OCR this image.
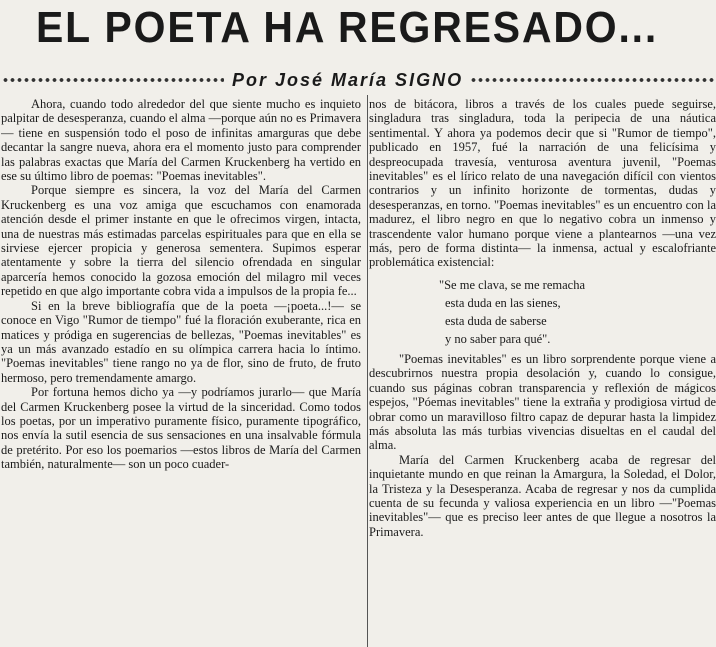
EL POETA HA REGRESADO...
Por José María SIGNO

Ahora, cuando todo alrededor del que siente mucho es inquieto palpitar de desesperanza, cuando el alma —porque aún no es Primavera— tiene en suspensión todo el poso de infinitas amarguras que debe decantar la sangre nueva, ahora era el momento justo para comprender las palabras exactas que María del Carmen Kruckenberg ha vertido en ese su último libro de poemas: "Poemas inevitables".

Porque siempre es sincera, la voz del María del Carmen Kruckenberg es una voz amiga que escuchamos con enamorada atención desde el primer instante en que le ofrecimos virgen, intacta, una de nuestras más estimadas parcelas espirituales para que en ella se sirviese ejercer propicia y generosa sementera. Supimos esperar atentamente y sobre la tierra del silencio ofrendada en singular aparcería hemos conocido la gozosa emoción del milagro mil veces repetido en que algo importante cobra vida a impulsos de la propia fe...

Si en la breve bibliografía que de la poeta —¡poeta...!— se conoce en Vigo "Rumor de tiempo" fué la floración exuberante, rica en matices y pródiga en sugerencias de bellezas, "Poemas inevitables" es ya un más avanzado estadío en su olímpica carrera hacia lo íntimo. "Poemas inevitables" tiene rango no ya de flor, sino de fruto, de fruto hermoso, pero tremendamente amargo.

Por fortuna hemos dicho ya —y podríamos jurarlo— que María del Carmen Kruckenberg posee la virtud de la sinceridad. Como todos los poetas, por un imperativo puramente físico, puramente tipográfico, nos envía la sutil esencia de sus sensaciones en una insalvable fórmula de pretérito. Por eso los poemarios —estos libros de María del Carmen también, naturalmente— son un poco cuader-

nos de bitácora, libros a través de los cuales puede seguirse, singladura tras singladura, toda la peripecia de una náutica sentimental. Y ahora ya podemos decir que si "Rumor de tiempo", publicado en 1957, fué la narración de una felicísima y despreocupada travesía, venturosa aventura juvenil, "Poemas inevitables" es el lírico relato de una navegación difícil con vientos contrarios y un infinito horizonte de tormentas, dudas y desesperanzas, en torno. "Poemas inevitables" es un encuentro con la madurez, el libro negro en que lo negativo cobra un inmenso y trascendente valor humano porque viene a plantearnos —una vez más, pero de forma distinta— la inmensa, actual y escalofriante problemática existencial:

"Se me clava, se me remacha
esta duda en las sienes,
esta duda de saberse
y no saber para qué".

"Poemas inevitables" es un libro sorprendente porque viene a descubrirnos nuestra propia desolación y, cuando lo consigue, cuando sus páginas cobran transparencia y reflexión de mágicos espejos, "Póemas inevitables" tiene la extraña y prodigiosa virtud de obrar como un maravilloso filtro capaz de depurar hasta la limpidez más absoluta las más turbias vivencias disueltas en el caudal del alma.

María del Carmen Kruckenberg acaba de regresar del inquietante mundo en que reinan la Amargura, la Soledad, el Dolor, la Tristeza y la Desesperanza. Acaba de regresar y nos da cumplida cuenta de su fecunda y valiosa experiencia en un libro —"Poemas inevitables"— que es preciso leer antes de que llegue a nosotros la Primavera.
